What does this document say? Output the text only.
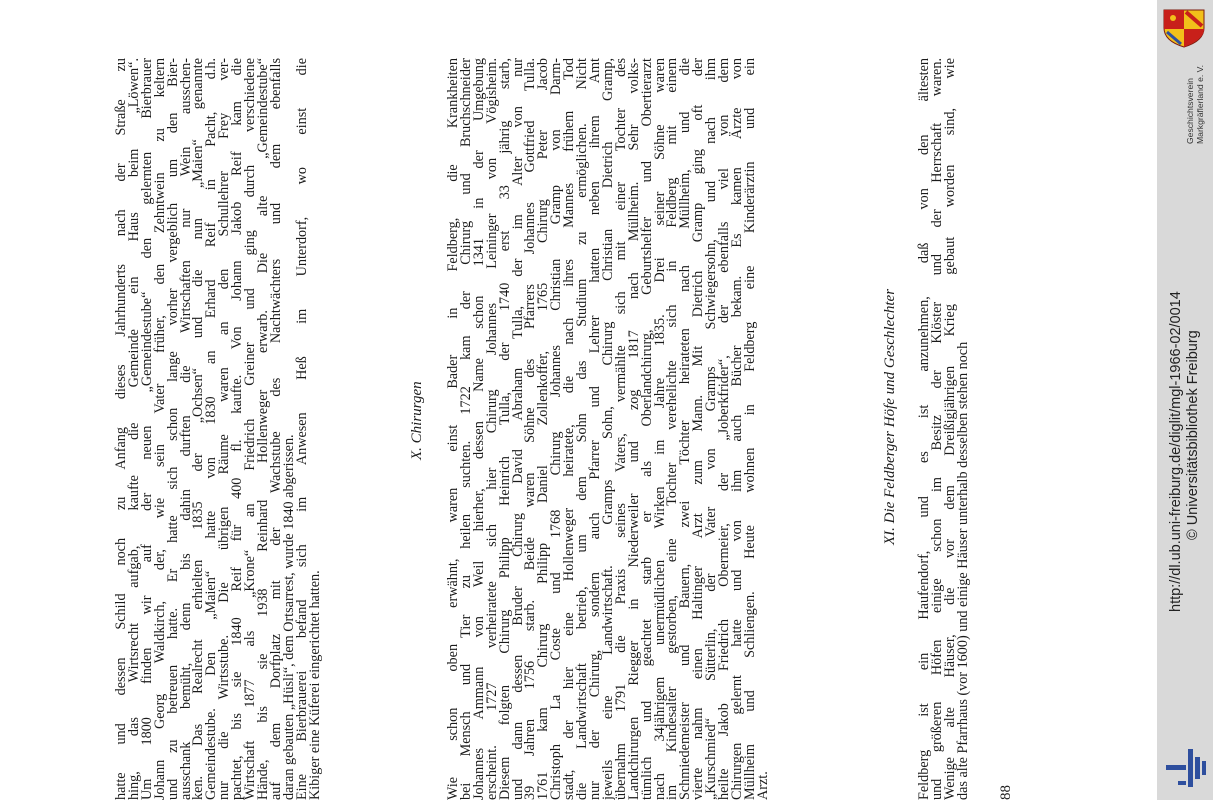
hatte und dessen Schild noch zu Anfang dieses Jahrhunderts nach der Straße zu
hing, das Wirtsrecht aufgab, kaufte die Gemeinde ein Haus beim „Löwen“.
Um 1800 finden wir auf der neuen „Gemeindestube“ den gelernten Bierbrauer
Johann Georg Waldkirch, der, wie sein Vater früher, den Zehntwein zu keltern
und zu betreuen hatte. Er hatte sich schon lange vorher vergeblich um den Bier-
ausschank bemüht, denn bis dahin durften die Wirtschaften nur Wein ausschen-
ken. Das Realrecht erhielten 1835 der „Ochsen“ und die nun „Maien“ genannte
Gemeindestube. Den „Maien“ hatte von 1830 an Erhard Reif in Pacht, d.h.
nur die Wirtsstube. Die übrigen Räume waren an den Schullehrer Frey ver-
pachtet, bis sie 1840 Reif für 400 fl. kaufte. Von Johann Jakob Reif kam die
Wirtschaft 1877 als „Krone“ an Friedrich Greiner und ging durch verschiedene
Hände, bis sie 1938 Reinhard Hollenweger erwarb. Die alte „Gemeindestube“
auf dem Dorfplatz mit der Wachstube des Nachtwächters und dem ebenfalls
daran gebauten „Hüsli“, dem Ortsarrest, wurde 1840 abgerissen.
Eine Bierbrauerei befand sich im Anwesen Heß im Unterdorf, wo einst die
Kibiger eine Küferei eingerichtet hatten.
X. Chirurgen Wie schon oben erwähnt, waren einst Bader in Feldberg, die Krankheiten
bei Mensch und Tier zu heilen suchten. 1722 kam der Chirurg und Bruchschneider
Johannes Ammann von Weil hierher, dessen Name schon 1341 in der Umgebung
erscheint. 1727 verheiratete sich hier Chirurg Johannes Leininger von Vögisheim.
Diesem folgten Chirurg Philipp Heinrich Tulla, der 1740 erst 33 jährig starb,
und dann dessen Bruder Chirurg David Abraham Tulla, der im Alter von nur
39 Jahren 1756 starb. Beide waren Söhne des Pfarrers Johannes Gottfried Tulla.
1761 kam Chirurg Philipp Daniel Zollenkoffer, 1765 Chirurg Peter Jacob
Christoph La Coste und 1768 Chirurg Johannes Christian Gramp von Darm-
stadt, der hier eine Hollenweger heiratete, die nach ihres Mannes frühem Tod
die Landwirtschaft betrieb, um dem Sohn das Studium zu ermöglichen. Nicht
nur der Chirurg, sondern auch Pfarrer und Lehrer hatten neben ihrem Amt
jeweils eine Landwirtschaft. Gramps Sohn, Chirurg Christian Dietrich Gramp,
übernahm 1791 die Praxis seines Vaters, vermählte sich mit einer Tochter des
Landchirurgen Riegger in Niederweiler und zog 1817 nach Müllheim. Sehr volks-
tümlich und geachtet starb er als Oberlandchirurg, Geburtshelfer und Obertierarzt
nach 34jährigem unermüdlichen Wirken im Jahre 1835. Drei seiner Söhne waren
im Kindesalter gestorben, eine Tochter verehelichte sich in Feldberg mit einem
Schmiedemeister und Bauern, zwei Töchter heirateten nach Müllheim, und die
vierte nahm einen Haltinger Arzt zum Mann. Mit Dietrich Gramp ging oft der
„Kurschmied“ Sütterlin, der Vater von Gramps Schwiegersohn, und nach ihm
heilte Jakob Friedrich Obermeier, der „Joberkfrider“, der ebenfalls viel von dem
Chirurgen gelernt hatte und von ihm auch Bücher bekam. Es kamen Ärzte von
Müllheim und Schliengen. Heute wohnen in Feldberg eine Kinderärztin und ein
Arzt.
XI. Die Feldberger Höfe und Geschlechter Feldberg ist ein Haufendorf, und es ist anzunehmen, daß von den ältesten
und größeren Höfen einige schon im Besitz der Klöster und der Herrschaft waren.
Wenige alte Häuser, die vor dem Dreißigjährigen Krieg gebaut worden sind, wie
das alte Pfarrhaus (vor 1600) und einige Häuser unterhalb desselben stehen noch 88
Geschichtsverein Markgräflerland e. V.
http://dl.ub.uni-freiburg.de/diglit/mgl-1966-02/0014 © Universitätsbibliothek Freiburg
